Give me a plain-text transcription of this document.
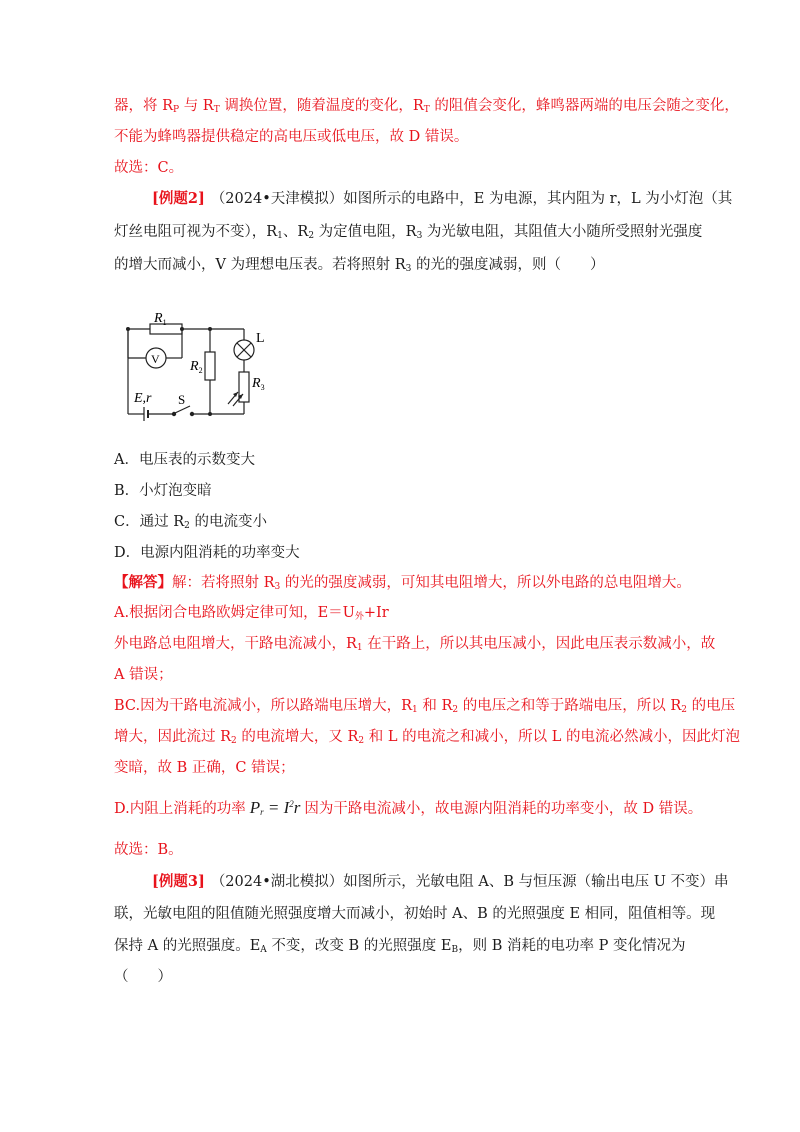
器，将 $R_P$ 与 $R_T$ 调换位置，随着温度的变化，$R_T$ 的阻值会变化，蜂鸣器两端的电压会随之变化，
不能为蜂鸣器提供稳定的高电压或低电压，故 D 错误。
故选：C。
[例题2] （2024•天津模拟）如图所示的电路中，E 为电源，其内阻为 r，L 为小灯泡（其
灯丝电阻可视为不变），$R_1$、$R_2$ 为定值电阻，$R_3$ 为光敏电阻，其阻值大小随所受照射光强度
的增大而减小，V 为理想电压表。若将照射 $R_3$ 的光的强度减弱，则（　　）
$R_1$
V $R_2$
L
$R_3$
E,r S
A．电压表的示数变大
B．小灯泡变暗
C．通过 $R_2$ 的电流变小
D．电源内阻消耗的功率变大
【解答】解：若将照射 $R_3$ 的光的强度减弱，可知其电阻增大，所以外电路的总电阻增大。
A.根据闭合电路欧姆定律可知，$E=U_外+Ir$
外电路总电阻增大，干路电流减小，$R_1$ 在干路上，所以其电压减小，因此电压表示数减小，故
A 错误；
BC.因为干路电流减小，所以路端电压增大，$R_1$ 和 $R_2$ 的电压之和等于路端电压，所以 $R_2$ 的电压
增大，因此流过 $R_2$ 的电流增大，又 $R_2$ 和 L 的电流之和减小，所以 L 的电流必然减小，因此灯泡
变暗，故 B 正确，C 错误；
D.内阻上消耗的功率 $P_r = I^2r$ 因为干路电流减小，故电源内阻消耗的功率变小，故 D 错误。
故选：B。
[例题3] （2024•湖北模拟）如图所示，光敏电阻 A、B 与恒压源（输出电压 U 不变）串
联，光敏电阻的阻值随光照强度增大而减小，初始时 A、B 的光照强度 E 相同，阻值相等。现
保持 A 的光照强度。$E_A$ 不变，改变 B 的光照强度 $E_B$，则 B 消耗的电功率 P 变化情况为
（　　）
